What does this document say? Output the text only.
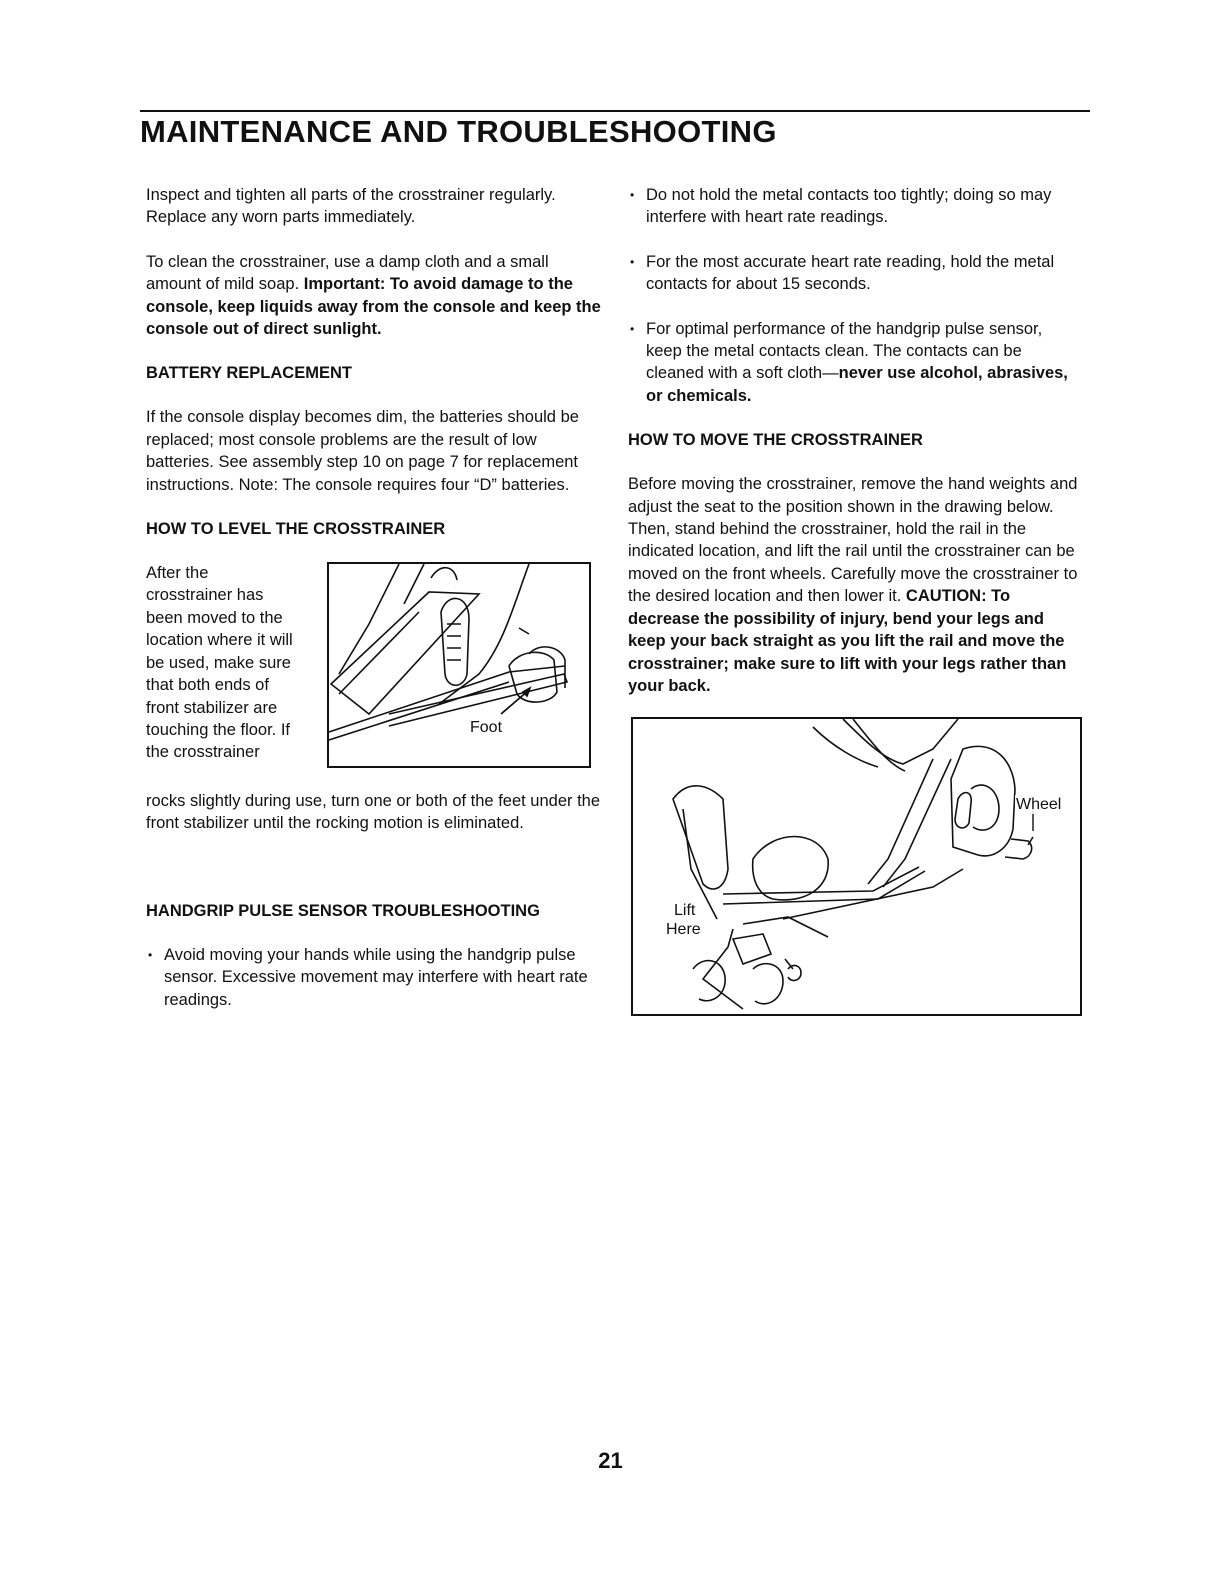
MAINTENANCE AND TROUBLESHOOTING

Inspect and tighten all parts of the crosstrainer regularly. Replace any worn parts immediately.

To clean the crosstrainer, use a damp cloth and a small amount of mild soap. Important: To avoid damage to the console, keep liquids away from the console and keep the console out of direct sunlight.

BATTERY REPLACEMENT

If the console display becomes dim, the batteries should be replaced; most console problems are the result of low batteries. See assembly step 10 on page 7 for replacement instructions. Note: The console requires four “D” batteries.

HOW TO LEVEL THE CROSSTRAINER
After the crosstrainer has been moved to the location where it will be used, make sure that both ends of front stabilizer are touching the floor. If the crosstrainer
Foot
rocks slightly during use, turn one or both of the feet under the front stabilizer until the rocking motion is eliminated.
HANDGRIP PULSE SENSOR TROUBLESHOOTING
• Avoid moving your hands while using the handgrip pulse sensor. Excessive movement may interfere with heart rate readings.
• Do not hold the metal contacts too tightly; doing so may interfere with heart rate readings.
• For the most accurate heart rate reading, hold the metal contacts for about 15 seconds.
• For optimal performance of the handgrip pulse sensor, keep the metal contacts clean. The contacts can be cleaned with a soft cloth—never use alcohol, abrasives, or chemicals.
HOW TO MOVE THE CROSSTRAINER

Before moving the crosstrainer, remove the hand weights and adjust the seat to the position shown in the drawing below. Then, stand behind the crosstrainer, hold the rail in the indicated location, and lift the rail until the crosstrainer can be moved on the front wheels. Carefully move the crosstrainer to the desired location and then lower it. CAUTION: To decrease the possibility of injury, bend your legs and keep your back straight as you lift the rail and move the crosstrainer; make sure to lift with your legs rather than your back.

Wheel
Lift
Here

21
